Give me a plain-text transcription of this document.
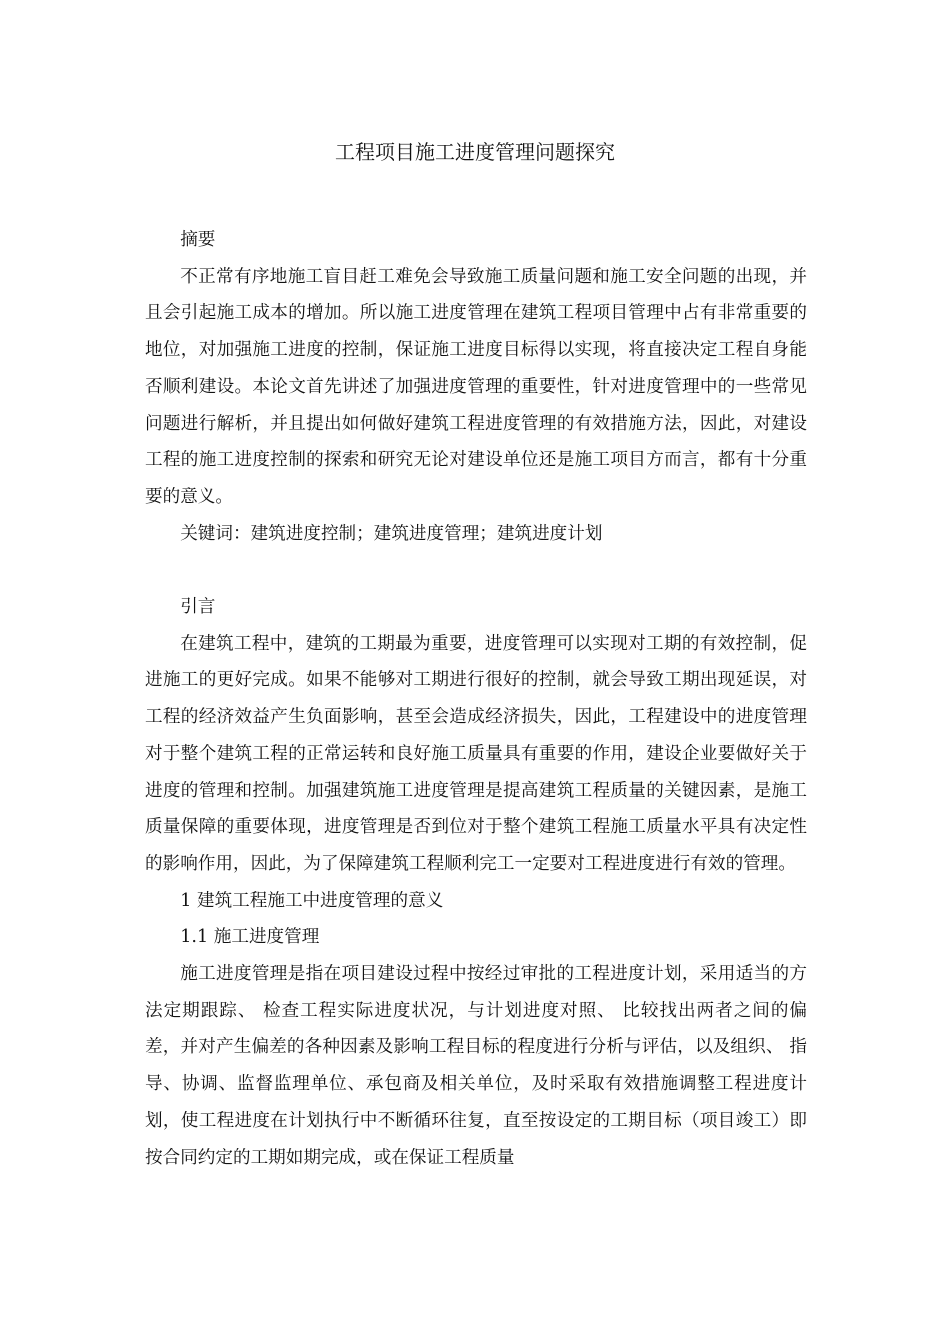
工程项目施工进度管理问题探究

摘要

不正常有序地施工盲目赶工难免会导致施工质量问题和施工安全问题的出现，并且会引起施工成本的增加。所以施工进度管理在建筑工程项目管理中占有非常重要的地位，对加强施工进度的控制，保证施工进度目标得以实现，将直接决定工程自身能否顺利建设。本论文首先讲述了加强进度管理的重要性，针对进度管理中的一些常见问题进行解析，并且提出如何做好建筑工程进度管理的有效措施方法，因此，对建设工程的施工进度控制的探索和研究无论对建设单位还是施工项目方而言，都有十分重要的意义。

关键词：建筑进度控制；建筑进度管理；建筑进度计划

引言

在建筑工程中，建筑的工期最为重要，进度管理可以实现对工期的有效控制，促进施工的更好完成。如果不能够对工期进行很好的控制，就会导致工期出现延误，对工程的经济效益产生负面影响，甚至会造成经济损失，因此，工程建设中的进度管理对于整个建筑工程的正常运转和良好施工质量具有重要的作用，建设企业要做好关于进度的管理和控制。加强建筑施工进度管理是提高建筑工程质量的关键因素，是施工质量保障的重要体现，进度管理是否到位对于整个建筑工程施工质量水平具有决定性的影响作用，因此，为了保障建筑工程顺利完工一定要对工程进度进行有效的管理。

1 建筑工程施工中进度管理的意义

1.1 施工进度管理

施工进度管理是指在项目建设过程中按经过审批的工程进度计划，采用适当的方法定期跟踪、 检查工程实际进度状况，与计划进度对照、 比较找出两者之间的偏差，并对产生偏差的各种因素及影响工程目标的程度进行分析与评估，以及组织、 指导、协调、监督监理单位、承包商及相关单位，及时采取有效措施调整工程进度计划，使工程进度在计划执行中不断循环往复，直至按设定的工期目标（项目竣工）即按合同约定的工期如期完成，或在保证工程质量
